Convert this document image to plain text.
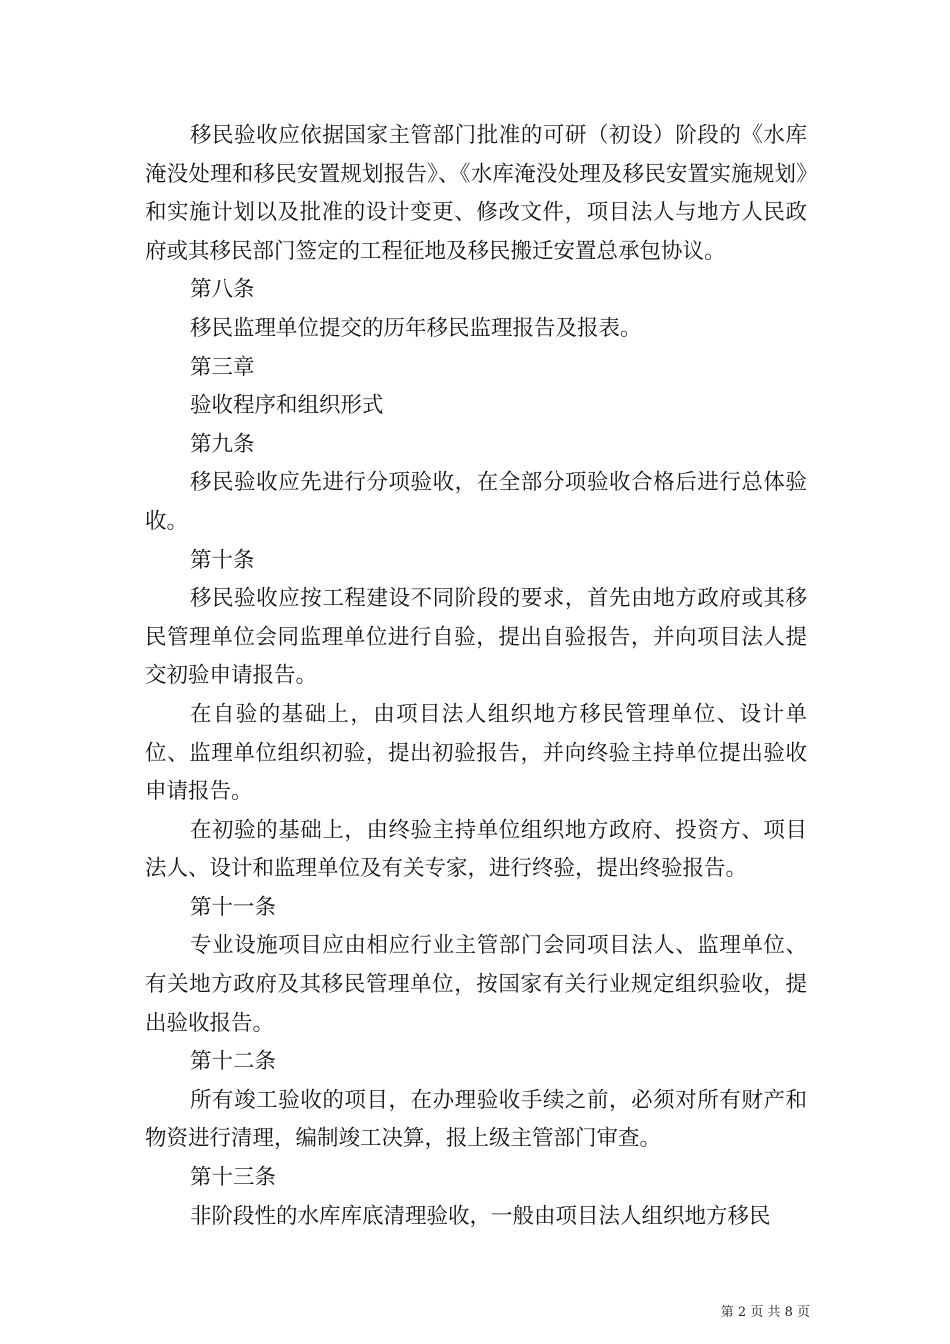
移民验收应依据国家主管部门批准的可研（初设）阶段的《水库淹没处理和移民安置规划报告》、《水库淹没处理及移民安置实施规划》和实施计划以及批准的设计变更、修改文件，项目法人与地方人民政府或其移民部门签定的工程征地及移民搬迁安置总承包协议。

第八条

移民监理单位提交的历年移民监理报告及报表。

第三章

验收程序和组织形式

第九条

移民验收应先进行分项验收，在全部分项验收合格后进行总体验收。

第十条

移民验收应按工程建设不同阶段的要求，首先由地方政府或其移民管理单位会同监理单位进行自验，提出自验报告，并向项目法人提交初验申请报告。

在自验的基础上，由项目法人组织地方移民管理单位、设计单位、监理单位组织初验，提出初验报告，并向终验主持单位提出验收申请报告。

在初验的基础上，由终验主持单位组织地方政府、投资方、项目法人、设计和监理单位及有关专家，进行终验，提出终验报告。

第十一条

专业设施项目应由相应行业主管部门会同项目法人、监理单位、有关地方政府及其移民管理单位，按国家有关行业规定组织验收，提出验收报告。

第十二条

所有竣工验收的项目，在办理验收手续之前，必须对所有财产和物资进行清理，编制竣工决算，报上级主管部门审查。

第十三条

非阶段性的水库库底清理验收，一般由项目法人组织地方移民

第 2 页 共 8 页
